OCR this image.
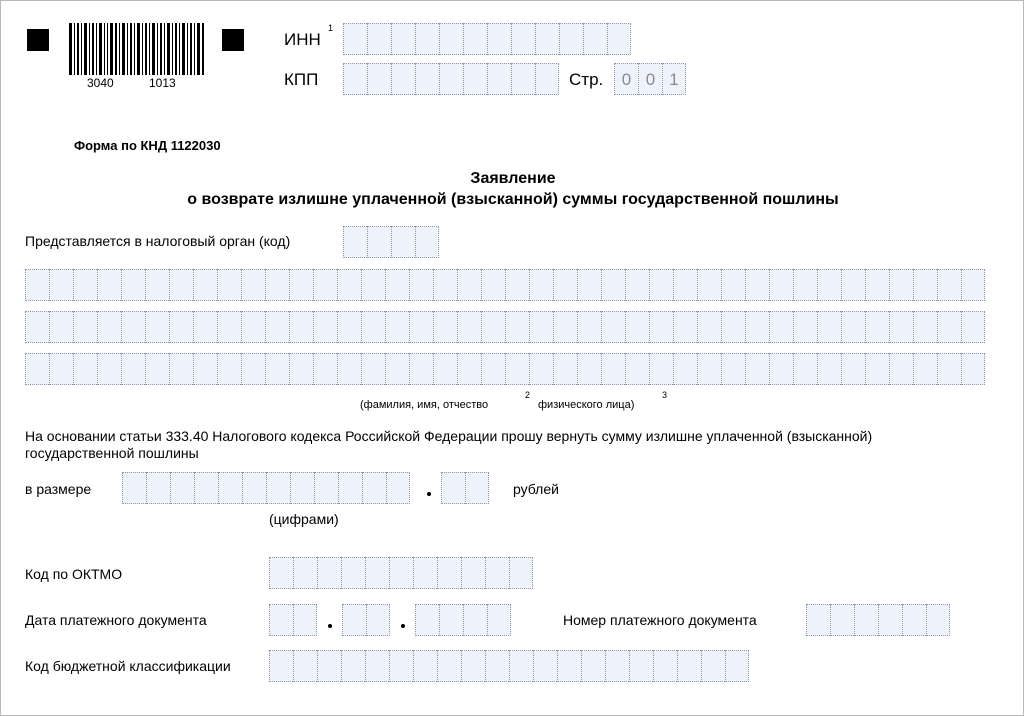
3040	1013
ИНН
1
КПП	Стр.	0 0 1
Форма по КНД 1122030
Заявление
о возврате излишне уплаченной (взысканной) суммы государственной пошлины
Представляется в налоговый орган (код)
(фамилия, имя, отчество
2
физического лица)
3
На основании статьи 333.40 Налогового кодекса Российской Федерации прошу вернуть сумму излишне уплаченной (взысканной)
государственной пошлины
в размере	рублей
(цифрами)
Код по ОКТМО
Дата платежного документа	Номер платежного документа
Код бюджетной классификации
